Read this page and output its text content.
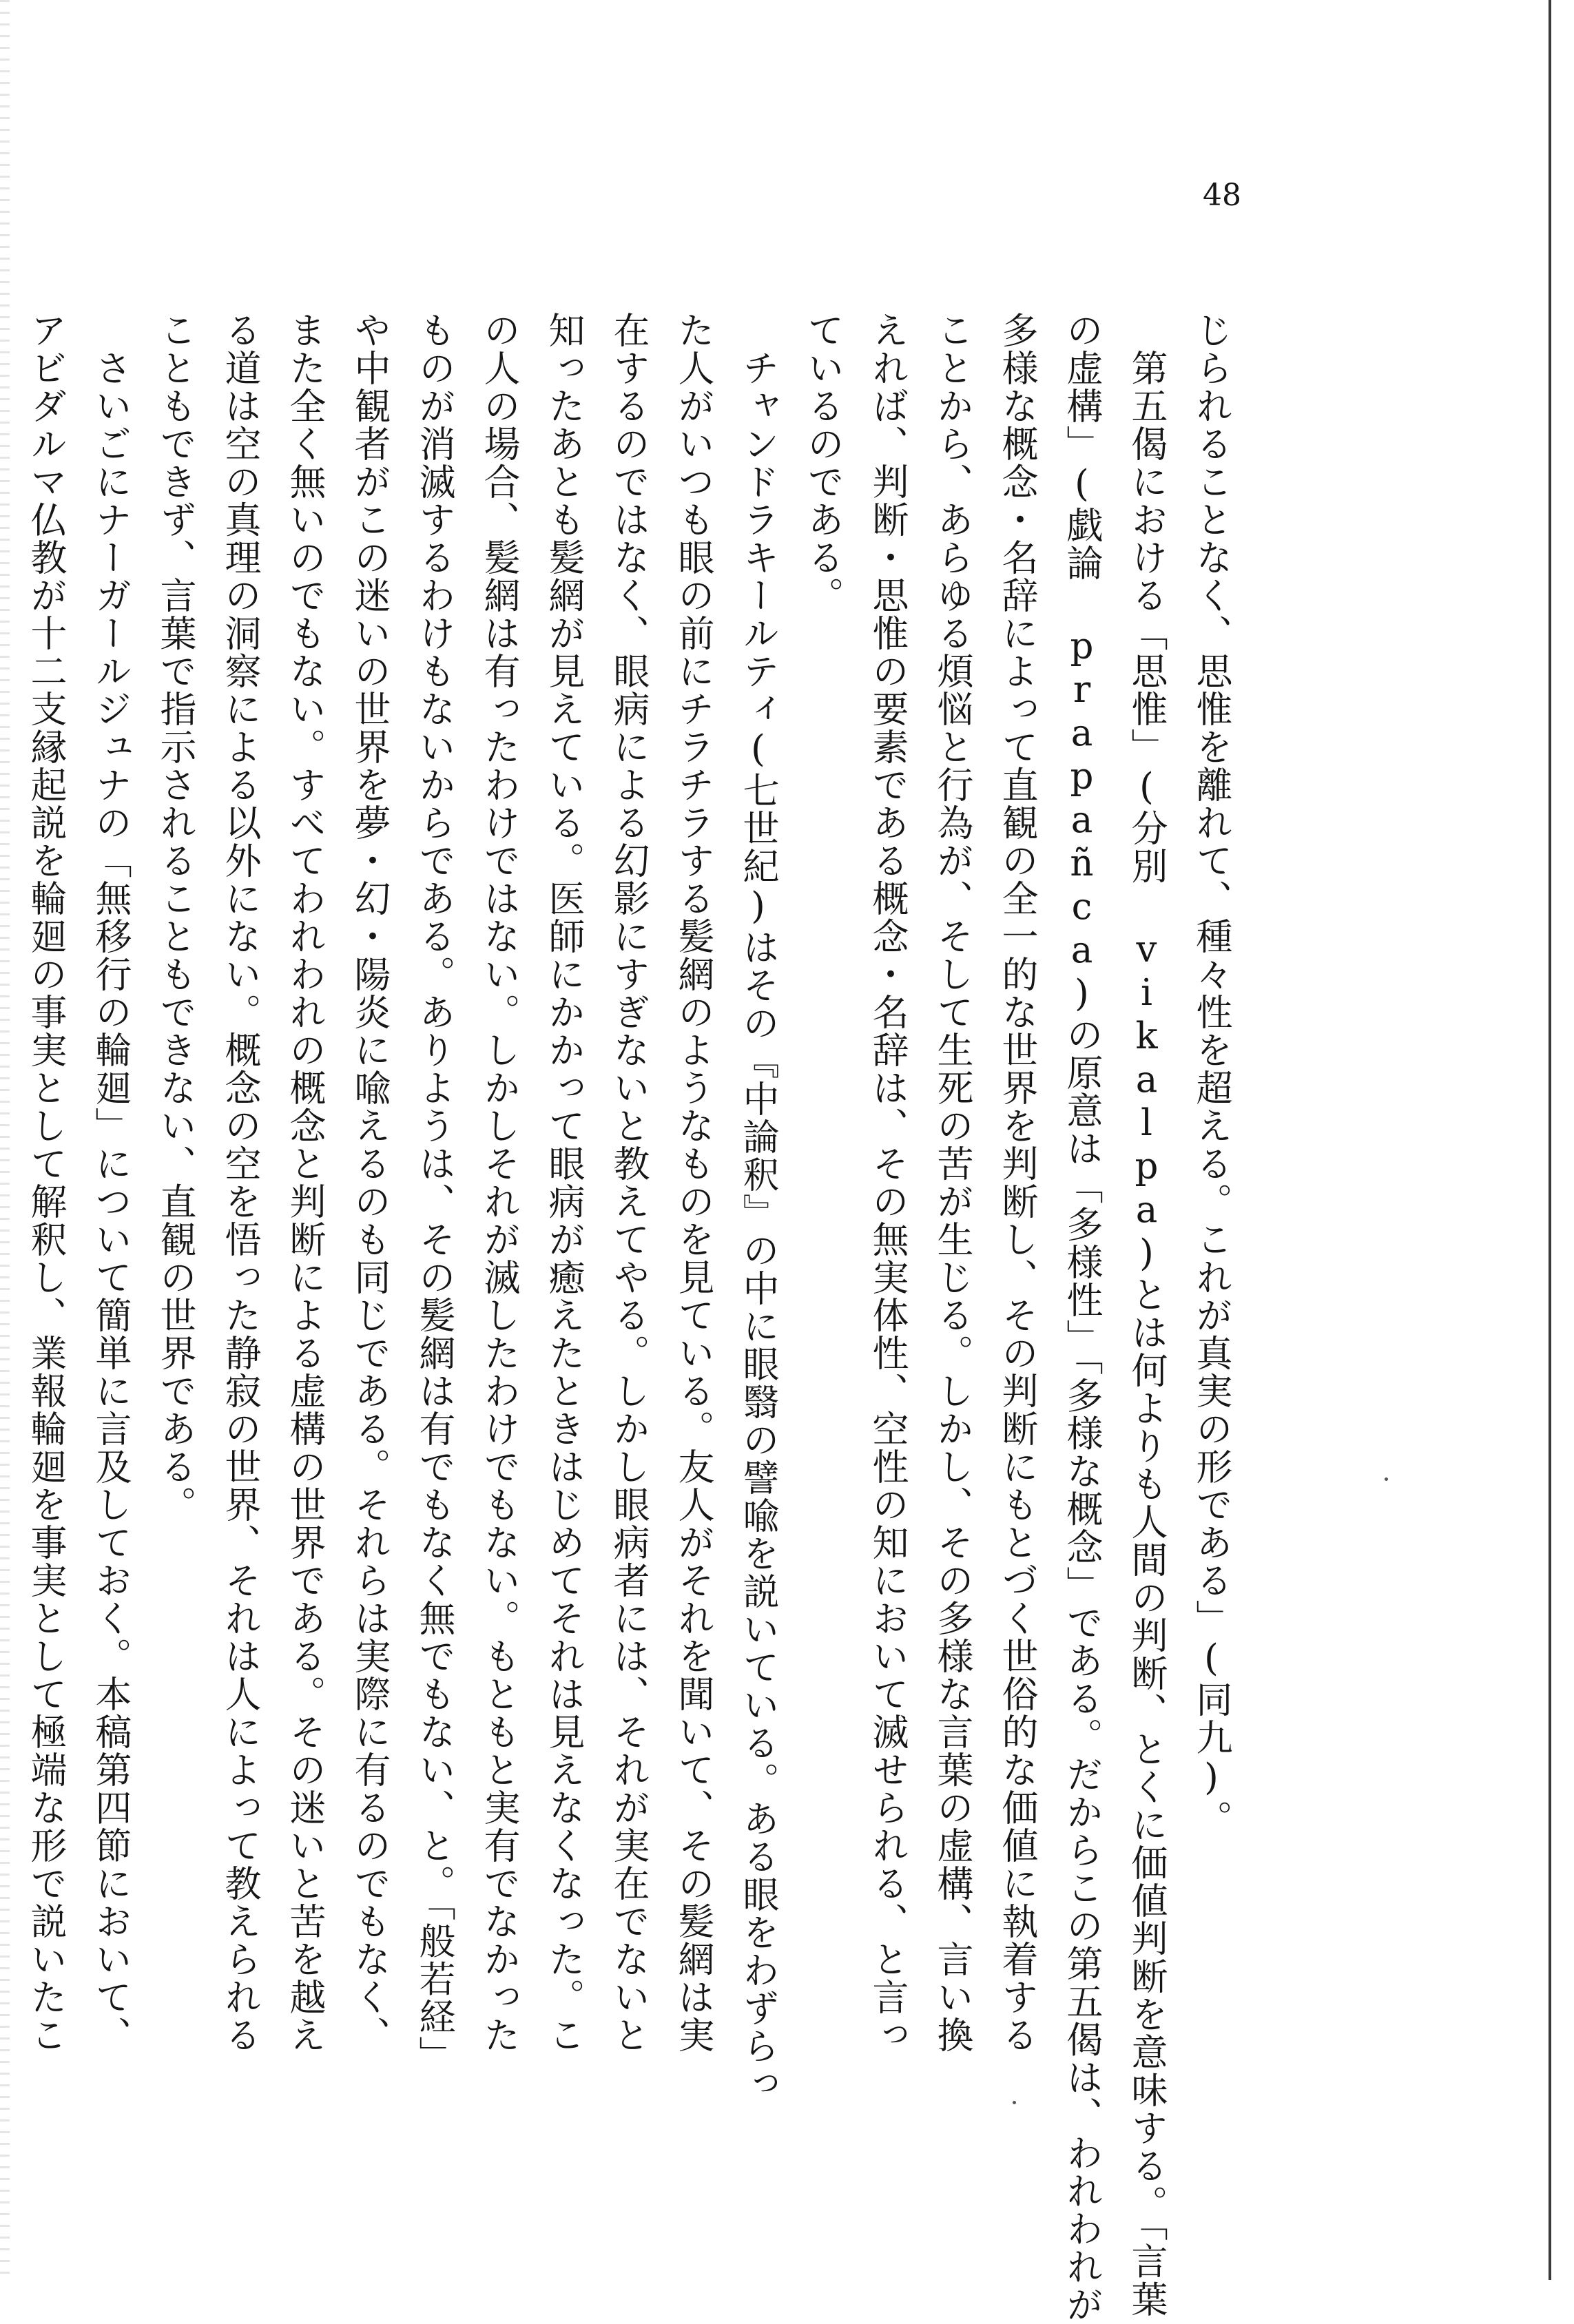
48
じられることなく、思惟を離れて、種々性を超える。これが真実の形である」(同九)。
　第五偈における「思惟」(分別 vikalpa)とは何よりも人間の判断、とくに価値判断を意味する。「言葉
の虚構」(戯論 prapañca)の原意は「多様性」「多様な概念」である。だからこの第五偈は、われわれが
多様な概念・名辞によって直観の全一的な世界を判断し、その判断にもとづく世俗的な価値に執着する
ことから、あらゆる煩悩と行為が、そして生死の苦が生じる。しかし、その多様な言葉の虚構、言い換
えれば、判断・思惟の要素である概念・名辞は、その無実体性、空性の知において滅せられる、と言っ
ているのである。
　チャンドラキールティ(七世紀)はその『中論釈』の中に眼翳の譬喩を説いている。ある眼をわずらっ
た人がいつも眼の前にチラチラする髪網のようなものを見ている。友人がそれを聞いて、その髪網は実
在するのではなく、眼病による幻影にすぎないと教えてやる。しかし眼病者には、それが実在でないと
知ったあとも髪網が見えている。医師にかかって眼病が癒えたときはじめてそれは見えなくなった。こ
の人の場合、髪網は有ったわけではない。しかしそれが滅したわけでもない。もともと実有でなかった
ものが消滅するわけもないからである。ありようは、その髪網は有でもなく無でもない、と。「般若経」
や中観者がこの迷いの世界を夢・幻・陽炎に喩えるのも同じである。それらは実際に有るのでもなく、
また全く無いのでもない。すべてわれわれの概念と判断による虚構の世界である。その迷いと苦を越え
る道は空の真理の洞察による以外にない。概念の空を悟った静寂の世界、それは人によって教えられる
こともできず、言葉で指示されることもできない、直観の世界である。
　さいごにナーガールジュナの「無移行の輪廻」について簡単に言及しておく。本稿第四節において、
アビダルマ仏教が十二支縁起説を輪廻の事実として解釈し、業報輪廻を事実として極端な形で説いたこ
